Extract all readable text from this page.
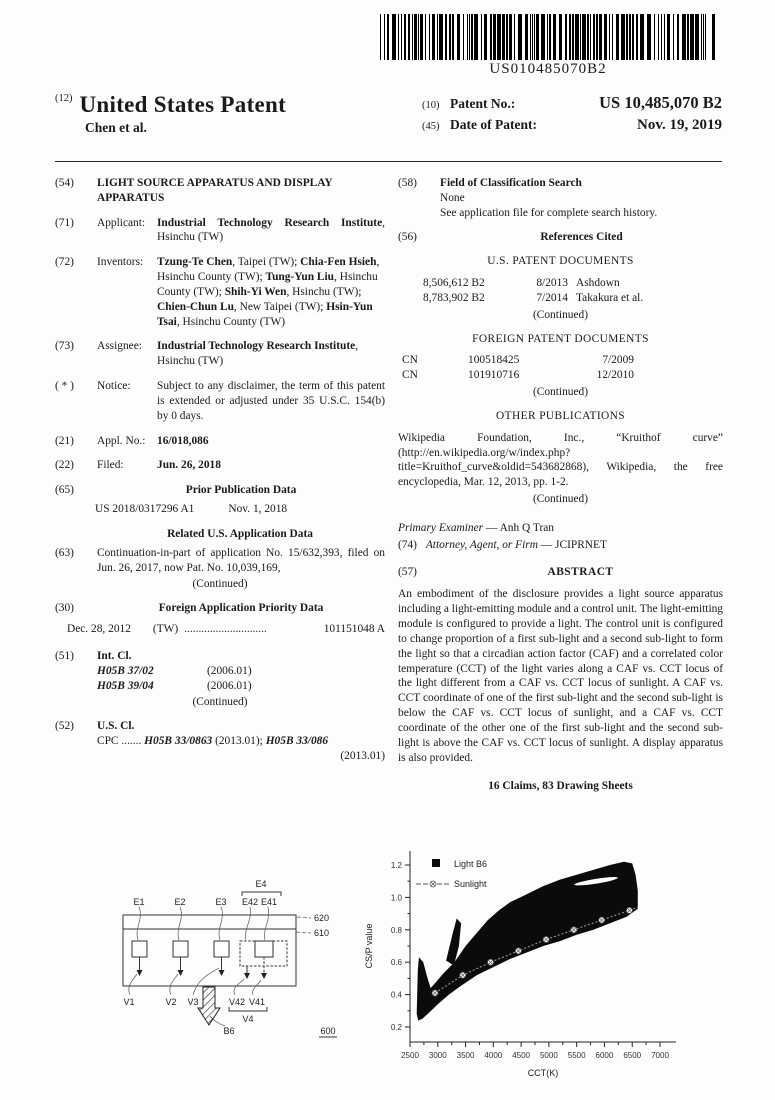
US010485070B2
(12) United States Patent
Chen et al.
(10) Patent No.:	US 10,485,070 B2
(45) Date of Patent:	Nov. 19, 2019
(54)	LIGHT SOURCE APPARATUS AND DISPLAY APPARATUS
(71)	Applicant:	Industrial Technology Research Institute, Hsinchu (TW)
(72)	Inventors:	Tzung-Te Chen, Taipei (TW); Chia-Fen Hsieh, Hsinchu County (TW); Tung-Yun Liu, Hsinchu County (TW); Shih-Yi Wen, Hsinchu (TW); Chien-Chun Lu, New Taipei (TW); Hsin-Yun Tsai, Hsinchu County (TW)
(73)	Assignee:	Industrial Technology Research Institute, Hsinchu (TW)
( * )	Notice:	Subject to any disclaimer, the term of this patent is extended or adjusted under 35 U.S.C. 154(b) by 0 days.
(21)	Appl. No.:	16/018,086
(22)	Filed:	Jun. 26, 2018
(65)	Prior Publication Data
US 2018/0317296 A1	Nov. 1, 2018
Related U.S. Application Data
(63)	Continuation-in-part of application No. 15/632,393, filed on Jun. 26, 2017, now Pat. No. 10,039,169,
(Continued)
(30)	Foreign Application Priority Data
Dec. 28, 2012 (TW) .............................	101151048 A
(51)	Int. Cl.
H05B 37/02	(2006.01)
H05B 39/04	(2006.01)
(Continued)
(52)	U.S. Cl.
CPC ....... H05B 33/0863 (2013.01); H05B 33/086
(2013.01)
(58)	Field of Classification Search
None
See application file for complete search history.
(56)	References Cited
U.S. PATENT DOCUMENTS
8,506,612 B2	8/2013 Ashdown
8,783,902 B2	7/2014 Takakura et al.
(Continued)
FOREIGN PATENT DOCUMENTS
CN	100518425	7/2009
CN	101910716	12/2010
(Continued)
OTHER PUBLICATIONS
Wikipedia Foundation, Inc., “Kruithof curve” (http://en.wikipedia.org/w/index.php?title=Kruithof_curve&oldid=543682868), Wikipedia, the free encyclopedia, Mar. 12, 2013, pp. 1-2.
(Continued)
Primary Examiner — Anh Q Tran
(74) Attorney, Agent, or Firm — JCIPRNET
(57)	ABSTRACT
An embodiment of the disclosure provides a light source apparatus including a light-emitting module and a control unit. The light-emitting module is configured to provide a light. The control unit is configured to change proportion of a first sub-light and a second sub-light to form the light so that a circadian action factor (CAF) and a correlated color temperature (CCT) of the light varies along a CAF vs. CCT locus of the light different from a CAF vs. CCT locus of sunlight. A CAF vs. CCT coordinate of one of the first sub-light and the second sub-light is below the CAF vs. CCT locus of sunlight, and a CAF vs. CCT coordinate of the other one of the first sub-light and the second sub-light is above the CAF vs. CCT locus of sunlight. A display apparatus is also provided.
16 Claims, 83 Drawing Sheets
E1	E2	E3 E42 E41
E4
620
610
V1	V2 V3	V42 V41
V4
B6	600
2500 3000 3500 4000 4500 5000 5500 6000 6500 7000
0.2
0.4
0.6
0.8
1.0
1.2
CCT(K)
CS/P value
Light B6
Sunlight
